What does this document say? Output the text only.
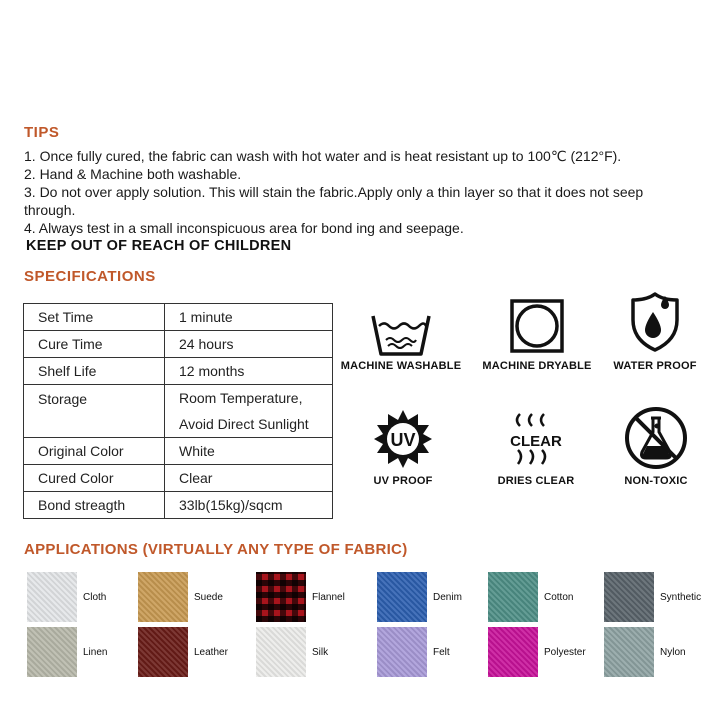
TIPS
1. Once fully cured, the fabric can wash with hot water and is heat resistant up to 100℃ (212°F).
2. Hand & Machine both washable.
3. Do not over apply solution. This will stain the fabric.Apply only a thin layer so that it does not seep
through.
4. Always test in a small inconspicuous area for bond ing and seepage.
KEEP OUT OF REACH OF CHILDREN
SPECIFICATIONS
Set Time	1 minute

Cure Time	24 hours

Shelf Life	12 months

Storage	Room Temperature,
Avoid Direct Sunlight

Original Color	White

Cured Color	Clear

Bond streagth	33lb(15kg)/sqcm
MACHINE WASHABLE	MACHINE DRYABLE	WATER PROOF
UV
UV PROOF
CLEAR
DRIES CLEAR	NON-TOXIC
APPLICATIONS (VIRTUALLY ANY TYPE OF FABRIC)
Cloth	Suede	Flannel	Denim	Cotton	Synthetic
Linen	Leather	Silk	Felt	Polyester	Nylon
